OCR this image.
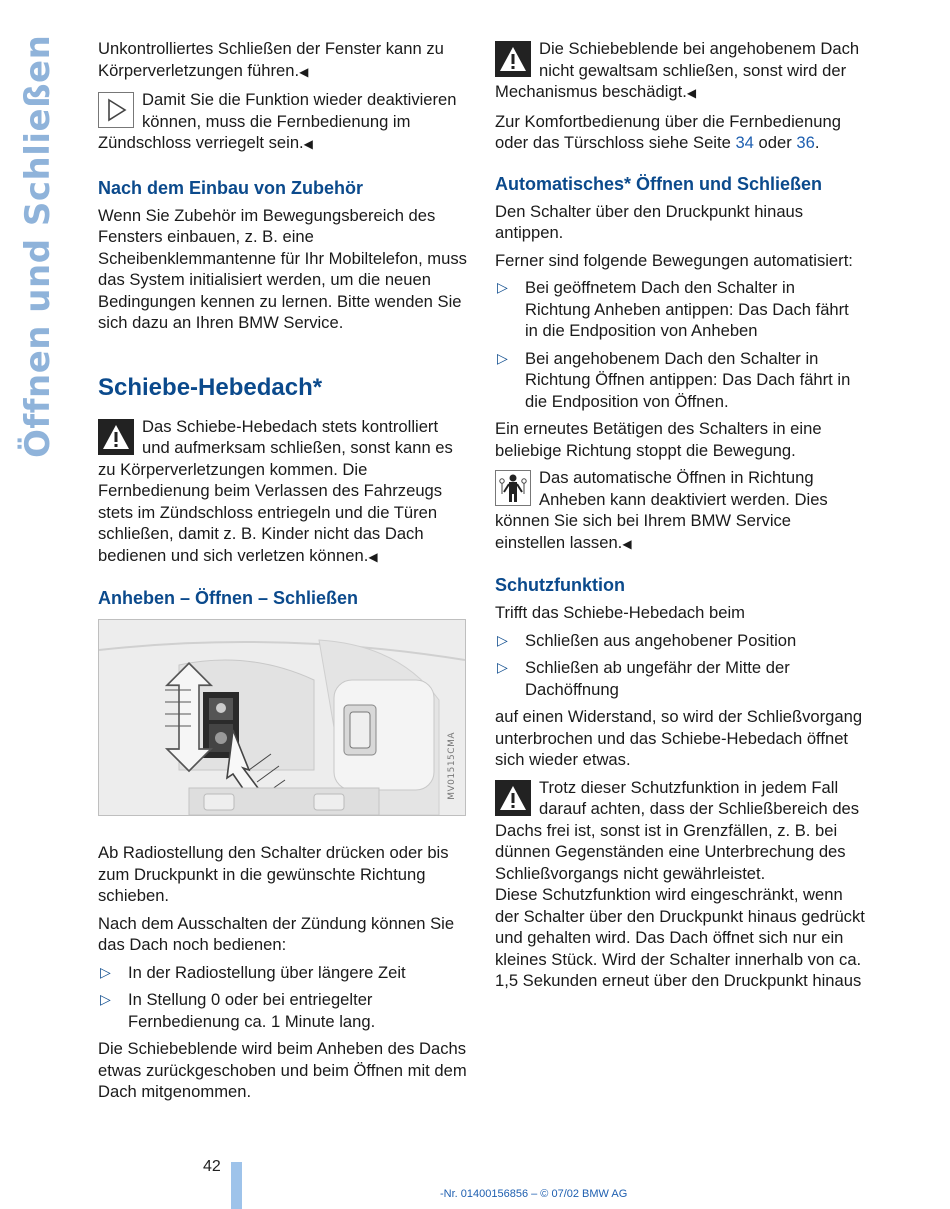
Öffnen und Schließen	Unkontrolliertes Schließen der Fenster kann zu Körperverletzungen führen.◀

Damit Sie die Funktion wieder deaktivieren können, muss die Fernbedienung im Zündschloss verriegelt sein.◀

Nach dem Einbau von Zubehör

Wenn Sie Zubehör im Bewegungsbereich des Fensters einbauen, z. B. eine Scheibenklemmantenne für Ihr Mobiltelefon, muss das System initialisiert werden, um die neuen Bedingungen kennen zu lernen. Bitte wenden Sie sich dazu an Ihren BMW Service.

Schiebe-Hebedach*

Das Schiebe-Hebedach stets kontrolliert und aufmerksam schließen, sonst kann es zu Körperverletzungen kommen. Die Fernbedienung beim Verlassen des Fahrzeugs stets im Zündschloss entriegeln und die Türen schließen, damit z. B. Kinder nicht das Dach bedienen und sich verletzen können.◀

Anheben – Öffnen – Schließen
MV01515CMA

Ab Radiostellung den Schalter drücken oder bis zum Druckpunkt in die gewünschte Richtung schieben.

Nach dem Ausschalten der Zündung können Sie das Dach noch bedienen:

▷ In der Radiostellung über längere Zeit
▷ In Stellung 0 oder bei entriegelter Fernbedienung ca. 1 Minute lang.

Die Schiebeblende wird beim Anheben des Dachs etwas zurückgeschoben und beim Öffnen mit dem Dach mitgenommen.

Die Schiebeblende bei angehobenem Dach nicht gewaltsam schließen, sonst wird der Mechanismus beschädigt.◀

Zur Komfortbedienung über die Fernbedienung oder das Türschloss siehe Seite 34 oder 36.

Automatisches* Öffnen und Schließen

Den Schalter über den Druckpunkt hinaus antippen.

Ferner sind folgende Bewegungen automatisiert:

▷ Bei geöffnetem Dach den Schalter in Richtung Anheben antippen: Das Dach fährt in die Endposition von Anheben
▷ Bei angehobenem Dach den Schalter in Richtung Öffnen antippen: Das Dach fährt in die Endposition von Öffnen.

Ein erneutes Betätigen des Schalters in eine beliebige Richtung stoppt die Bewegung.

Das automatische Öffnen in Richtung Anheben kann deaktiviert werden. Dies können Sie sich bei Ihrem BMW Service einstellen lassen.◀

Schutzfunktion

Trifft das Schiebe-Hebedach beim

▷ Schließen aus angehobener Position
▷ Schließen ab ungefähr der Mitte der Dachöffnung

auf einen Widerstand, so wird der Schließvorgang unterbrochen und das Schiebe-Hebedach öffnet sich wieder etwas.

Trotz dieser Schutzfunktion in jedem Fall darauf achten, dass der Schließbereich des Dachs frei ist, sonst ist in Grenzfällen, z. B. bei dünnen Gegenständen eine Unterbrechung des Schließvorgangs nicht gewährleistet.

Diese Schutzfunktion wird eingeschränkt, wenn der Schalter über den Druckpunkt hinaus gedrückt und gehalten wird. Das Dach öffnet sich nur ein kleines Stück. Wird der Schalter innerhalb von ca. 1,5 Sekunden erneut über den Druckpunkt hinaus

42
-Nr. 01400156856 – © 07/02 BMW AG
